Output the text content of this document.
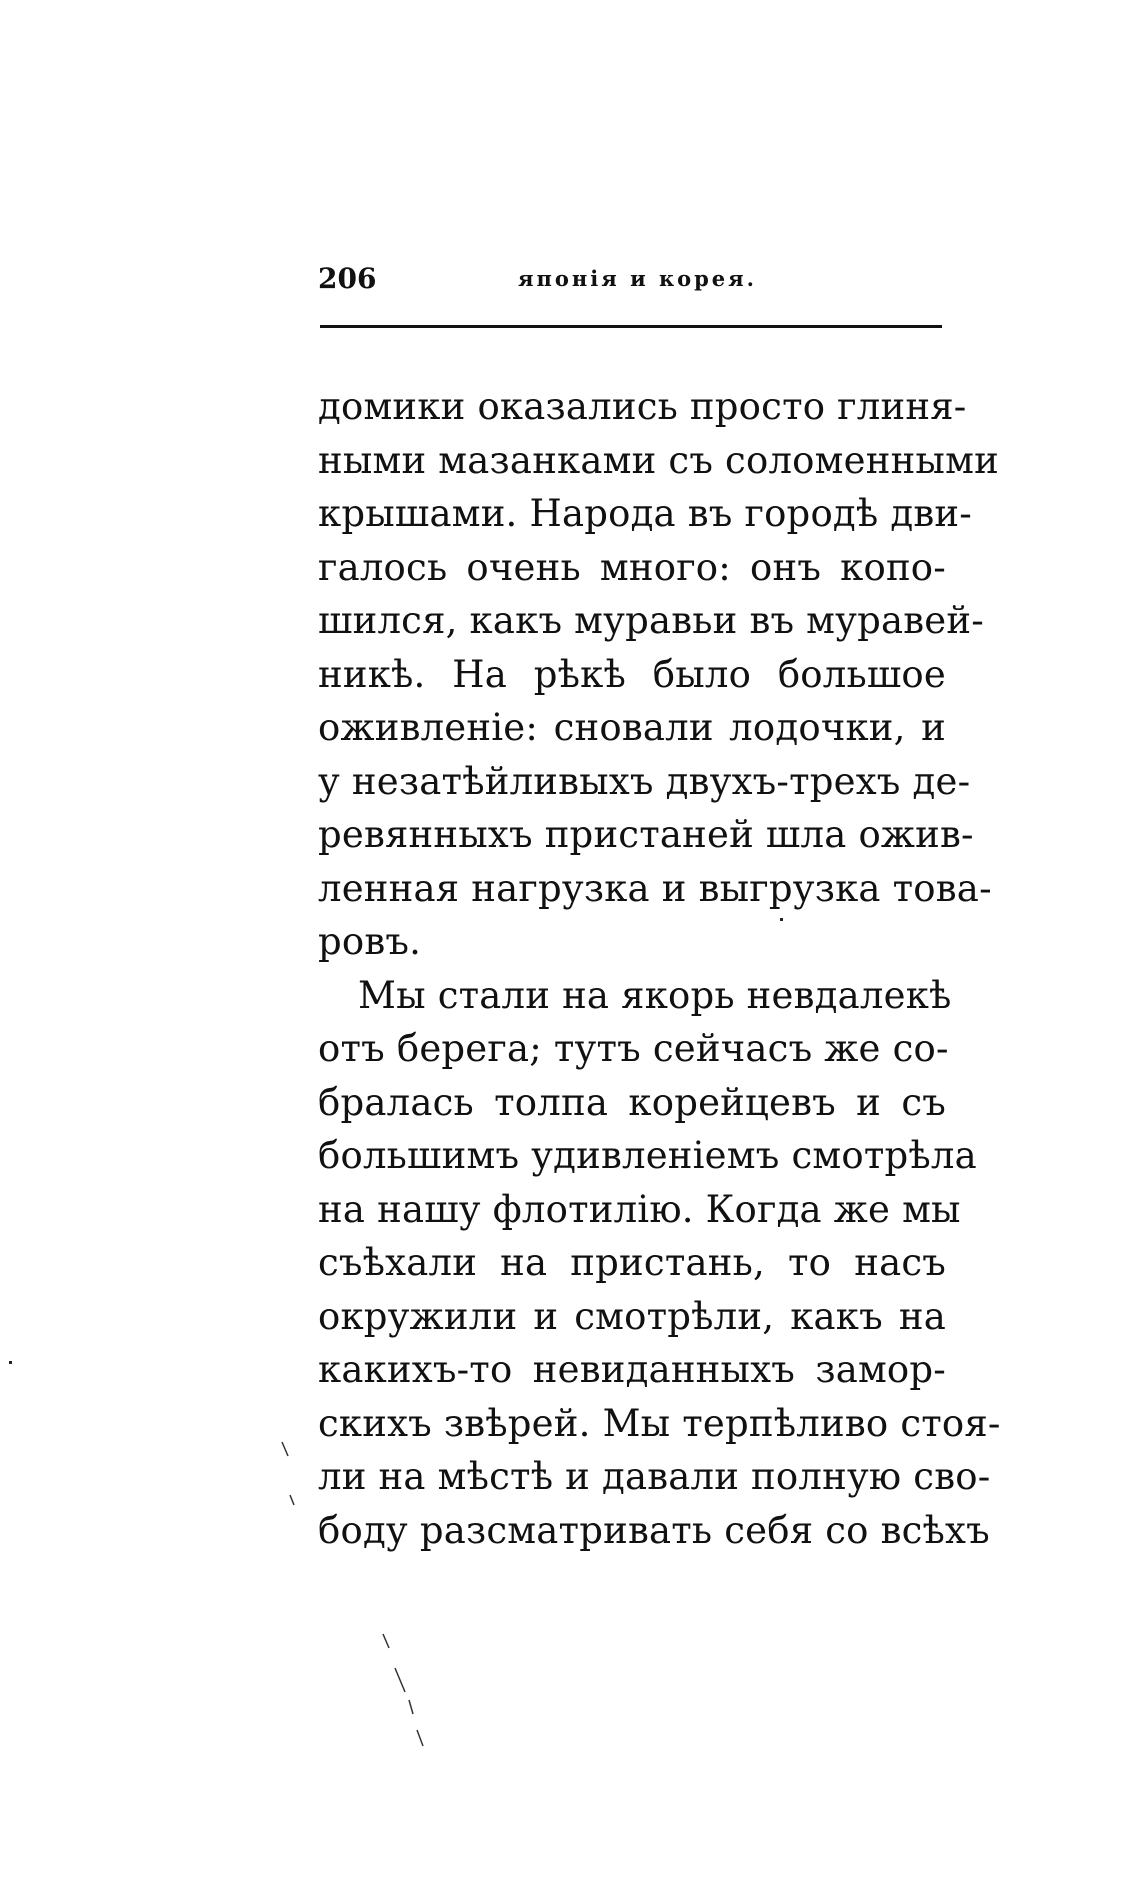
206	японія и корея.
домики оказались просто глиня-
ными мазанками съ соломенными
крышами. Народа въ городѣ дви-
галось очень много: онъ копо-
шился, какъ муравьи въ муравей-
никѣ. На рѣкѣ было большое
оживленіе: сновали лодочки, и
у незатѣйливыхъ двухъ-трехъ де-
ревянныхъ пристаней шла ожив-
ленная нагрузка и выгрузка това-
ровъ.
Мы стали на якорь невдалекѣ
отъ берега; тутъ сейчасъ же со-
бралась толпа корейцевъ и съ
большимъ удивленіемъ смотрѣла
на нашу флотилію. Когда же мы
съѣхали на пристань, то насъ
окружили и смотрѣли, какъ на
какихъ-то невиданныхъ замор-
скихъ звѣрей. Мы терпѣливо стоя-
ли на мѣстѣ и давали полную сво-
боду разсматривать себя со всѣхъ
